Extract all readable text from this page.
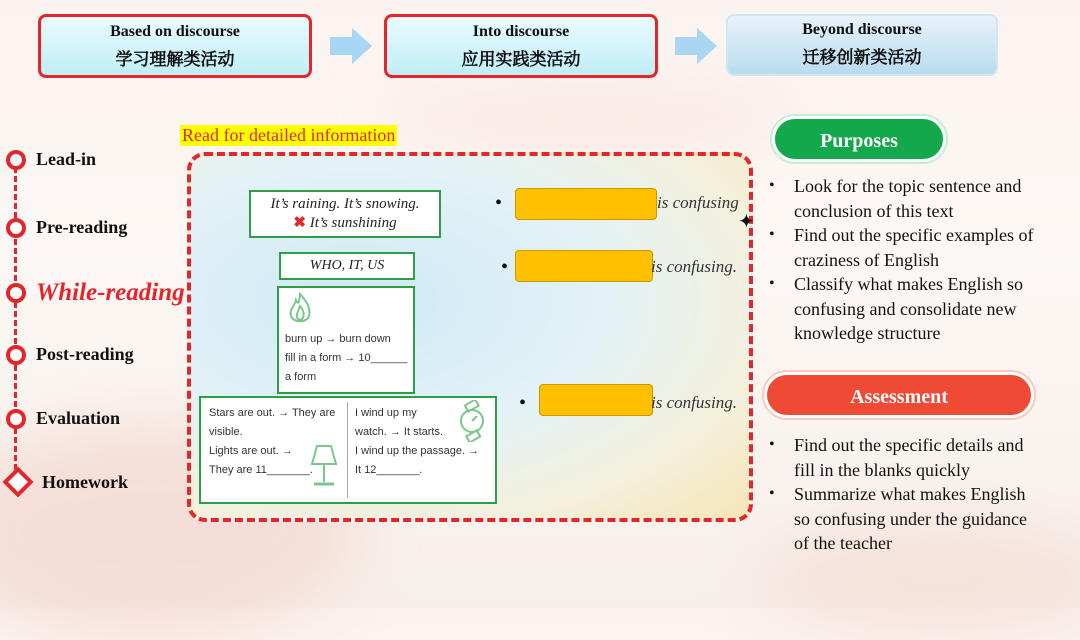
Based on discourse
学习理解类活动
Into discourse
应用实践类活动
Beyond discourse
迁移创新类活动
Lead-in
Pre-reading
While-reading
Post-reading
Evaluation
Homework
Read for detailed information
It’s raining. It’s snowing.
✖ It’s sunshining
WHO, IT, US
burn up → burn down
fill in a form → 10______
a form
Stars are out. → They are
visible.
Lights are out. →
They are 11_______.
I wind up my
watch. → It starts.
I wind up the passage. →
It 12_______.
•	is confusing
•	is confusing.
•	is confusing.
✦
Purposes
• Look for the topic sentence and conclusion of this text
• Find out the specific examples of craziness of English
• Classify what makes English so confusing and consolidate new knowledge structure
Assessment
• Find out the specific details and fill in the blanks quickly
• Summarize what makes English so confusing under the guidance of the teacher
